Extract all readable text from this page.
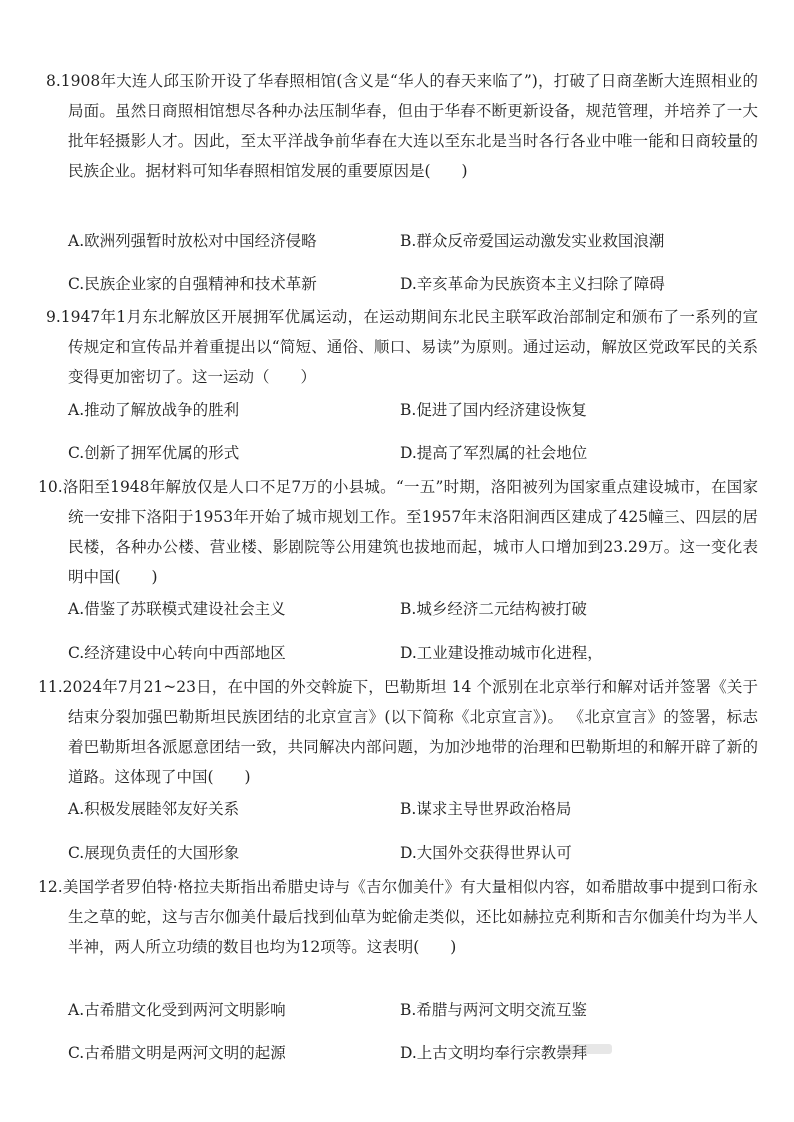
8.1908年大连人邱玉阶开设了华春照相馆(含义是“华人的春天来临了”)，打破了日商垄断大连照相业的局面。虽然日商照相馆想尽各种办法压制华春，但由于华春不断更新设备，规范管理，并培养了一大批年轻摄影人才。因此，至太平洋战争前华春在大连以至东北是当时各行各业中唯一能和日商较量的民族企业。据材料可知华春照相馆发展的重要原因是(　　)
A.欧洲列强暂时放松对中国经济侵略	B.群众反帝爱国运动激发实业救国浪潮
C.民族企业家的自强精神和技术革新	D.辛亥革命为民族资本主义扫除了障碍
9.1947年1月东北解放区开展拥军优属运动，在运动期间东北民主联军政治部制定和颁布了一系列的宣传规定和宣传品并着重提出以“简短、通俗、顺口、易读”为原则。通过运动，解放区党政军民的关系变得更加密切了。这一运动（　　）
A.推动了解放战争的胜利	B.促进了国内经济建设恢复
C.创新了拥军优属的形式	D.提高了军烈属的社会地位
10.洛阳至1948年解放仅是人口不足7万的小县城。“一五”时期，洛阳被列为国家重点建设城市，在国家统一安排下洛阳于1953年开始了城市规划工作。至1957年末洛阳涧西区建成了425幢三、四层的居民楼，各种办公楼、营业楼、影剧院等公用建筑也拔地而起，城市人口增加到23.29万。这一变化表明中国(　　)
A.借鉴了苏联模式建设社会主义	B.城乡经济二元结构被打破
C.经济建设中心转向中西部地区	D.工业建设推动城市化进程，
11.2024年7月21~23日，在中国的外交斡旋下，巴勒斯坦 14 个派别在北京举行和解对话并签署《关于结束分裂加强巴勒斯坦民族团结的北京宣言》(以下简称《北京宣言》)。 《北京宣言》的签署，标志着巴勒斯坦各派愿意团结一致，共同解决内部问题，为加沙地带的治理和巴勒斯坦的和解开辟了新的道路。这体现了中国(　　)
A.积极发展睦邻友好关系	B.谋求主导世界政治格局
C.展现负责任的大国形象	D.大国外交获得世界认可
12.美国学者罗伯特·格拉夫斯指出希腊史诗与《吉尔伽美什》有大量相似内容，如希腊故事中提到口衔永生之草的蛇，这与吉尔伽美什最后找到仙草为蛇偷走类似，还比如赫拉克利斯和吉尔伽美什均为半人半神，两人所立功绩的数目也均为12项等。这表明(　　)
A.古希腊文化受到两河文明影响	B.希腊与两河文明交流互鉴
C.古希腊文明是两河文明的起源	D.上古文明均奉行宗教崇拜
